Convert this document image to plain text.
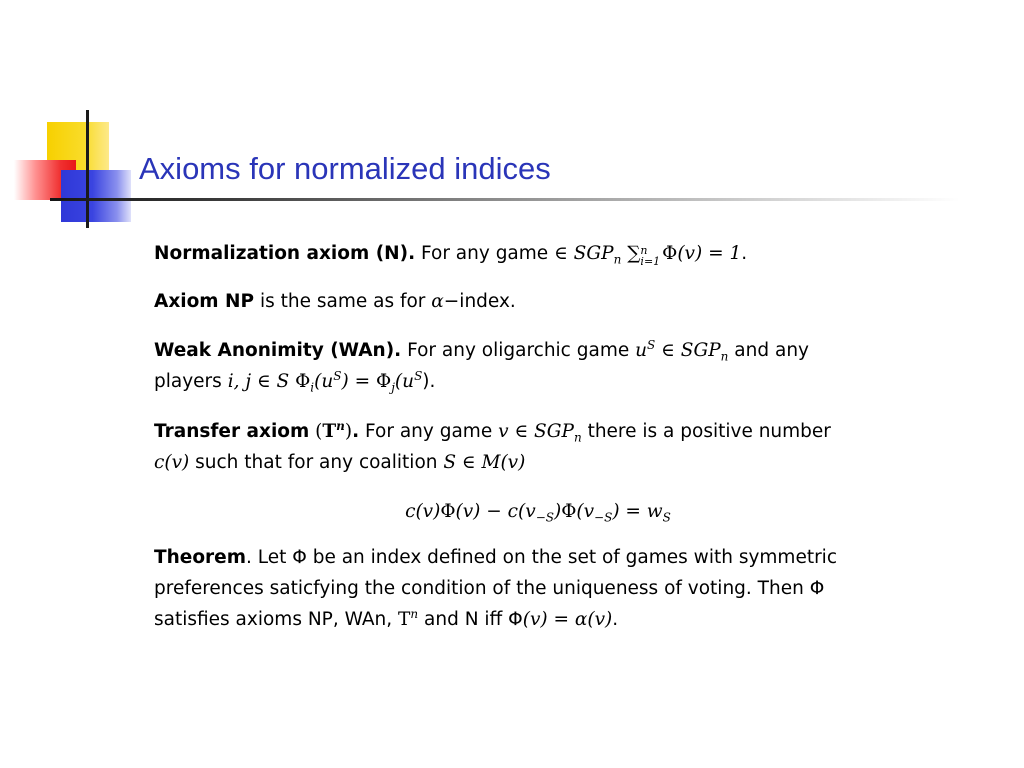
Axioms for normalized indices

Normalization axiom (N). For any game ∈ $SGP_n$ ∑ n
i=1 Φ(v) = 1.

Axiom NP is the same as for α−index.

Weak Anonimity (WAn). For any oligarchic game $u^S$ ∈ $SGP_n$ and any
players i, j ∈ S $\Phi_i(u^S) = \Phi_j(u^S)$.

Transfer axiom $(T^n)$. For any game v ∈ $SGP_n$ there is a positive number
c(v) such that for any coalition S ∈ M(v)

$c(v)\Phi(v) - c(v_{-S})\Phi(v_{-S}) = w_S$

Theorem. Let Φ be an index defined on the set of games with symmetric
preferences saticfying the condition of the uniqueness of voting. Then Φ
satisfies axioms NP, WAn, $T^n$ and N iff Φ(v) = α(v).
